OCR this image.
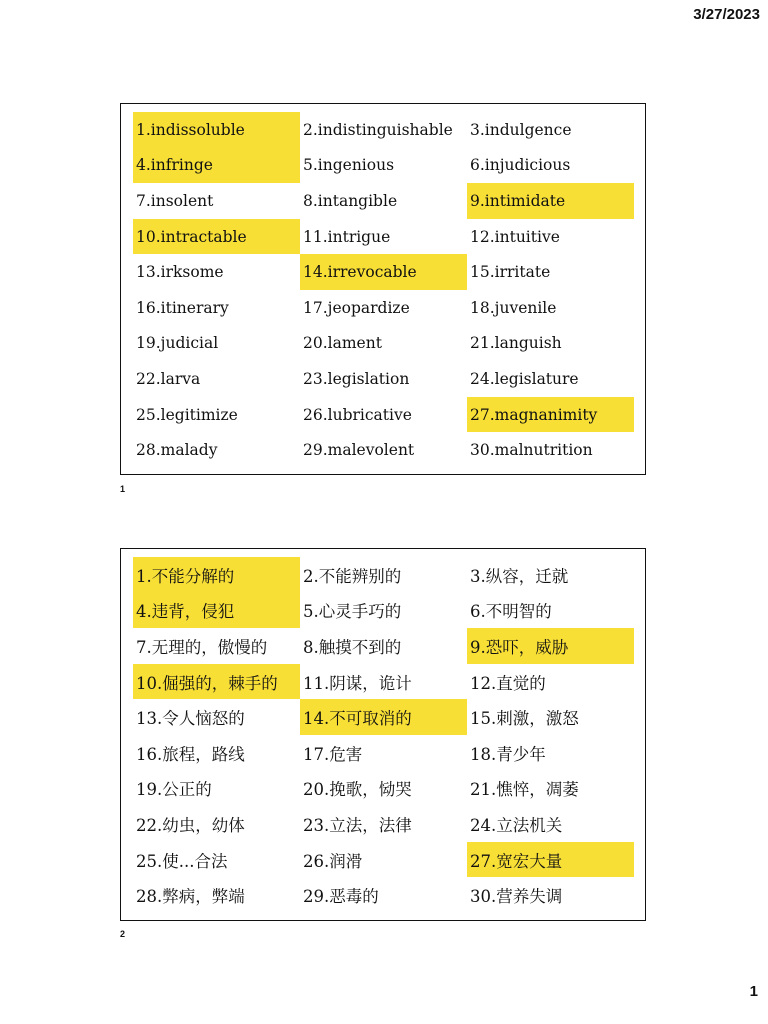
3/27/2023
1.indissoluble	2.indistinguishable	3.indulgence
4.infringe	5.ingenious	6.injudicious
7.insolent	8.intangible	9.intimidate
10.intractable	11.intrigue	12.intuitive
13.irksome	14.irrevocable	15.irritate
16.itinerary	17.jeopardize	18.juvenile
19.judicial	20.lament	21.languish
22.larva	23.legislation	24.legislature
25.legitimize	26.lubricative	27.magnanimity
28.malady	29.malevolent	30.malnutrition
1
1.不能分解的	2.不能辨别的	3.纵容，迁就
4.违背，侵犯	5.心灵手巧的	6.不明智的
7.无理的，傲慢的	8.触摸不到的	9.恐吓，威胁
10.倔强的，棘手的	11.阴谋，诡计	12.直觉的
13.令人恼怒的	14.不可取消的	15.刺激，激怒
16.旅程，路线	17.危害	18.青少年
19.公正的	20.挽歌，恸哭	21.憔悴，凋萎
22.幼虫，幼体	23.立法，法律	24.立法机关
25.使...合法	26.润滑	27.宽宏大量
28.弊病，弊端	29.恶毒的	30.营养失调
2
1
